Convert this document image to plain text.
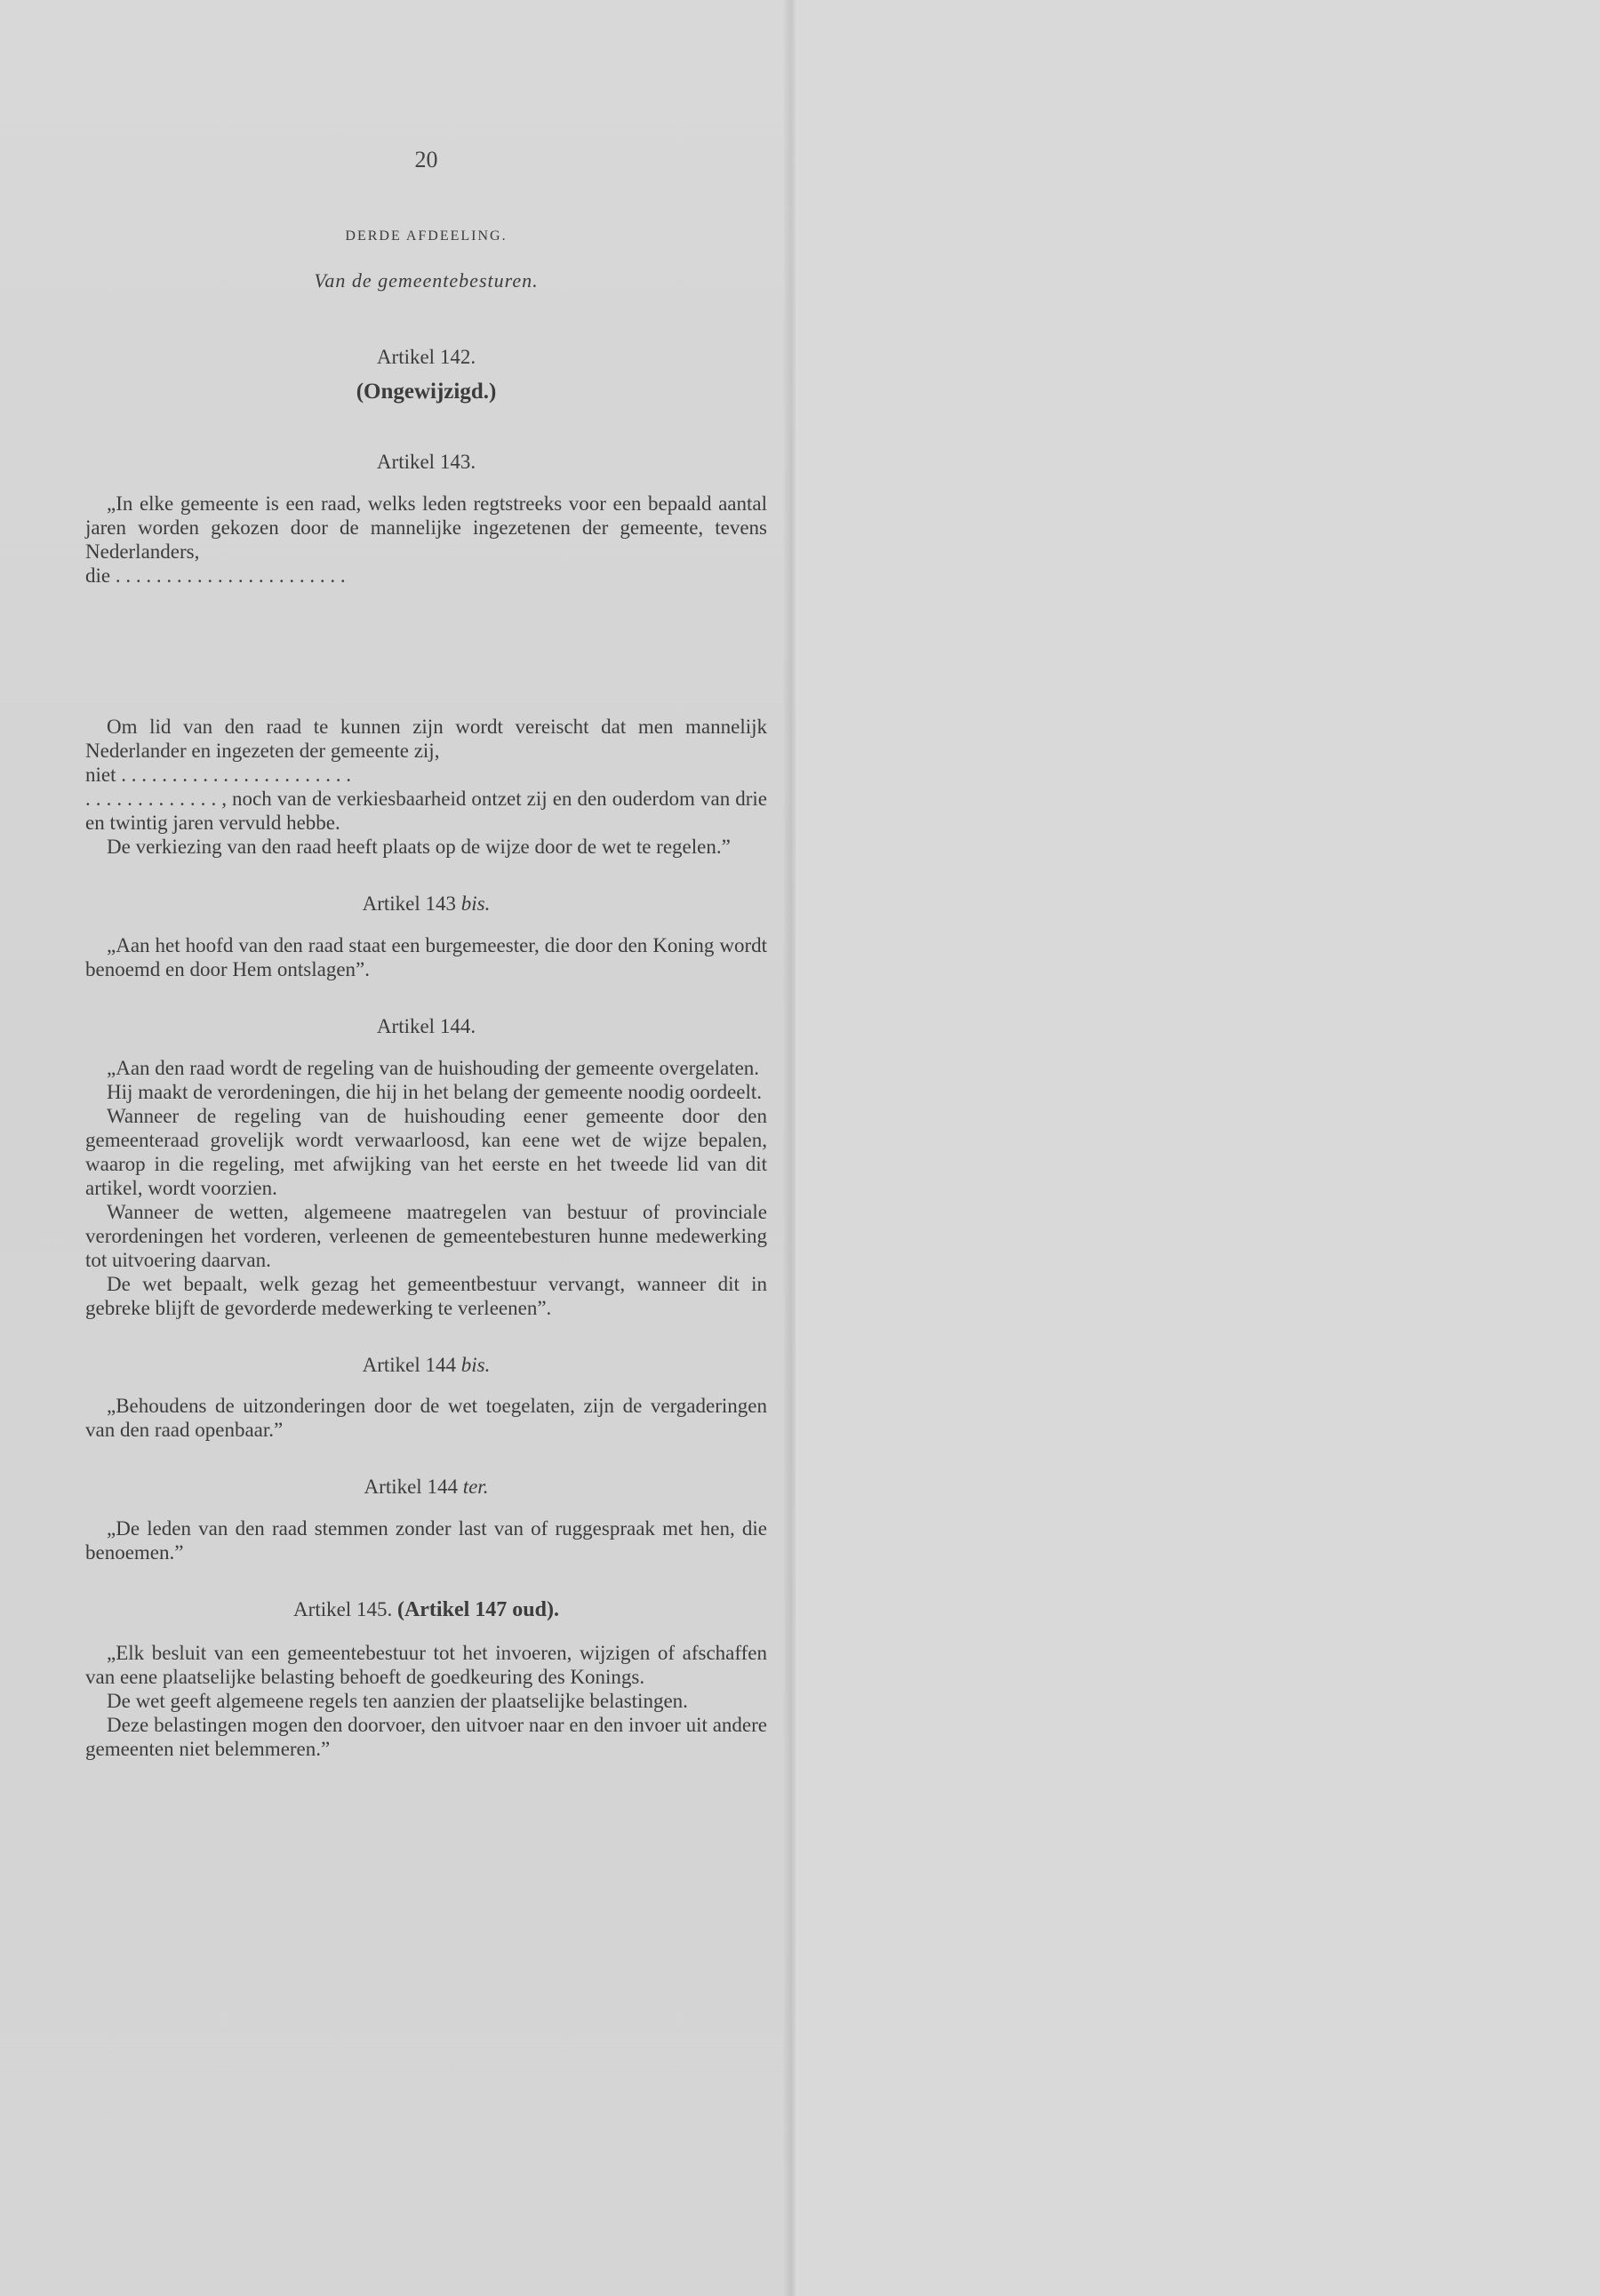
20
DERDE AFDEELING.
Van de gemeentebesturen.
Artikel 142.
(Ongewijzigd.)
Artikel 143.

„In elke gemeente is een raad, welks leden regtstreeks voor een bepaald aantal jaren worden gekozen door de mannelijke ingezetenen der gemeente, tevens Nederlanders,

die . . . . . . . . . . . . . . . . . . . . . . .

Om lid van den raad te kunnen zijn wordt vereischt dat men mannelijk Nederlander en ingezeten der gemeente zij,

niet . . . . . . . . . . . . . . . . . . . . . . .

. . . . . . . . . . . . . , noch van de verkiesbaarheid ontzet zij en den ouderdom van drie en twintig jaren vervuld hebbe.

De verkiezing van den raad heeft plaats op de wijze door de wet te regelen.”

Artikel 143 bis.

„Aan het hoofd van den raad staat een burgemeester, die door den Koning wordt benoemd en door Hem ontslagen”.

Artikel 144.

„Aan den raad wordt de regeling van de huishouding der gemeente overgelaten.

Hij maakt de verordeningen, die hij in het belang der gemeente noodig oordeelt.

Wanneer de regeling van de huishouding eener gemeente door den gemeenteraad grovelijk wordt verwaarloosd, kan eene wet de wijze bepalen, waarop in die regeling, met afwijking van het eerste en het tweede lid van dit artikel, wordt voorzien.

Wanneer de wetten, algemeene maatregelen van bestuur of provinciale verordeningen het vorderen, verleenen de gemeentebesturen hunne medewerking tot uitvoering daarvan.

De wet bepaalt, welk gezag het gemeentbestuur vervangt, wanneer dit in gebreke blijft de gevorderde medewerking te verleenen”.

Artikel 144 bis.

„Behoudens de uitzonderingen door de wet toegelaten, zijn de vergaderingen van den raad openbaar.”

Artikel 144 ter.

„De leden van den raad stemmen zonder last van of ruggespraak met hen, die benoemen.”

Artikel 145. (Artikel 147 oud).

„Elk besluit van een gemeentebestuur tot het invoeren, wijzigen of afschaffen van eene plaatselijke belasting behoeft de goedkeuring des Konings.

De wet geeft algemeene regels ten aanzien der plaatselijke belastingen.

Deze belastingen mogen den doorvoer, den uitvoer naar en den invoer uit andere gemeenten niet belemmeren.”
